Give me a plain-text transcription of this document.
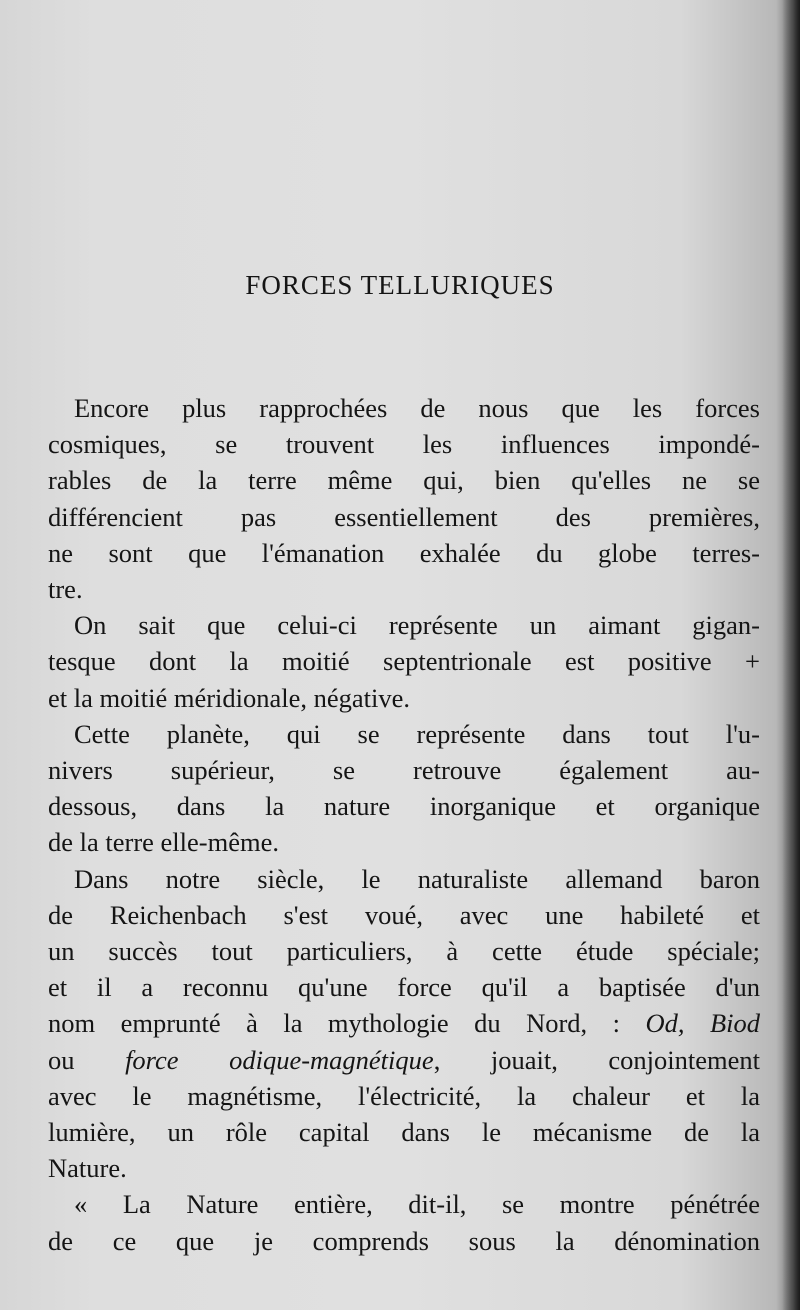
FORCES TELLURIQUES
Encore plus rapprochées de nous que les forces
cosmiques, se trouvent les influences impondé-
rables de la terre même qui, bien qu'elles ne se
différencient pas essentiellement des premières,
ne sont que l'émanation exhalée du globe terres-
tre.
On sait que celui-ci représente un aimant gigan-
tesque dont la moitié septentrionale est positive +
et la moitié méridionale, négative.
Cette planète, qui se représente dans tout l'u-
nivers supérieur, se retrouve également au-
dessous, dans la nature inorganique et organique
de la terre elle-même.
Dans notre siècle, le naturaliste allemand baron
de Reichenbach s'est voué, avec une habileté et
un succès tout particuliers, à cette étude spéciale;
et il a reconnu qu'une force qu'il a baptisée d'un
nom emprunté à la mythologie du Nord, : Od, Biod
ou force odique-magnétique, jouait, conjointement
avec le magnétisme, l'électricité, la chaleur et la
lumière, un rôle capital dans le mécanisme de la
Nature.
« La Nature entière, dit-il, se montre pénétrée
de ce que je comprends sous la dénomination
